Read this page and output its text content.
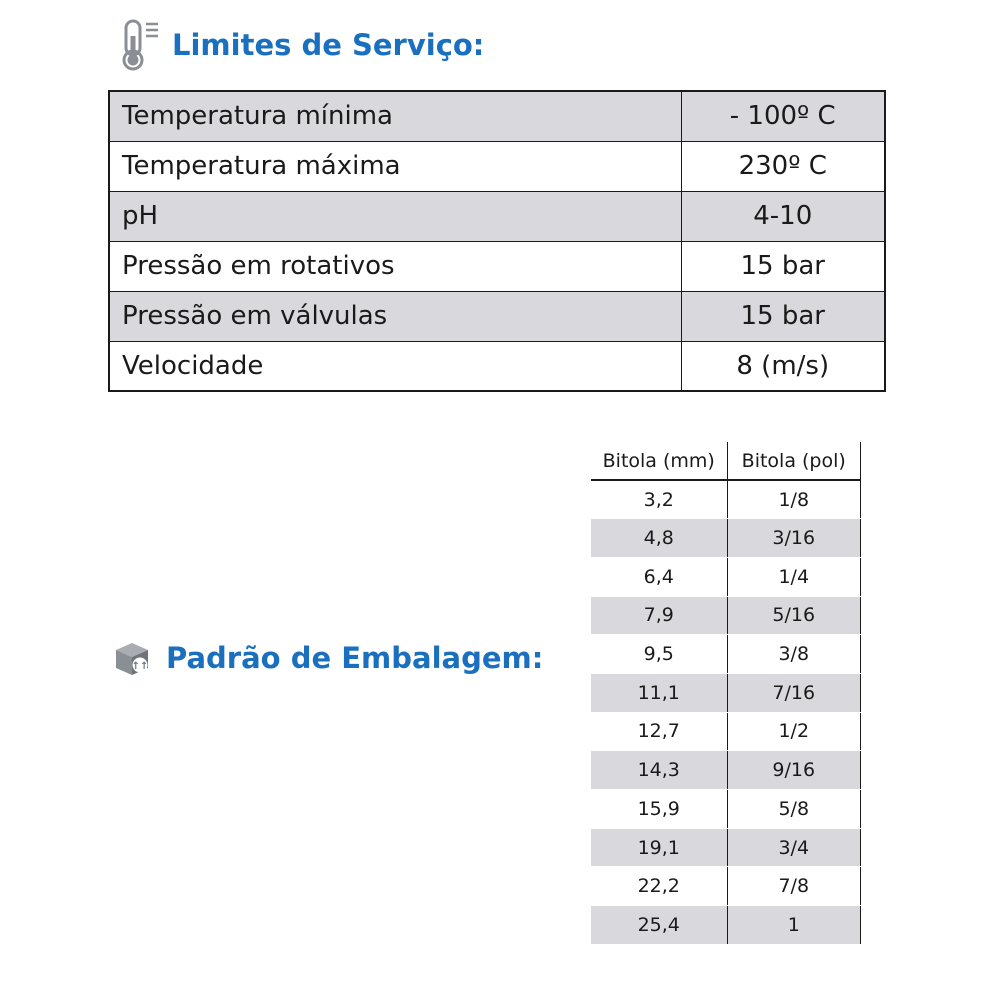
Limites de Serviço:
Temperatura mínima	- 100º C
Temperatura máxima	230º C
pH	4-10
Pressão em rotativos	15 bar
Pressão em válvulas	15 bar
Velocidade	8 (m/s)
↑↑ Padrão de Embalagem:
Bitola (mm)	Bitola (pol)
3,2	1/8
4,8	3/16
6,4	1/4
7,9	5/16
9,5	3/8
11,1	7/16
12,7	1/2
14,3	9/16
15,9	5/8
19,1	3/4
22,2	7/8
25,4	1
